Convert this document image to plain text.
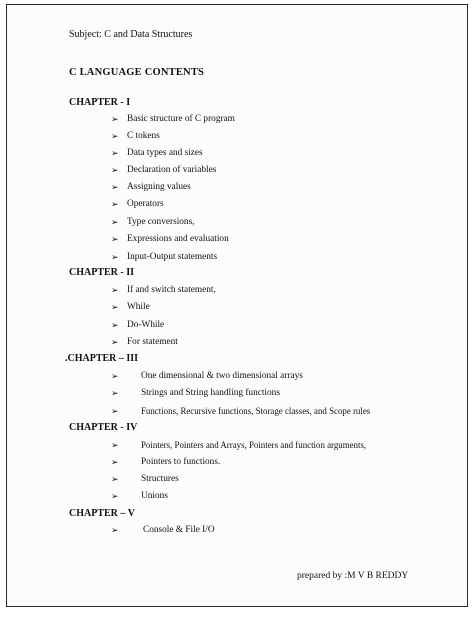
Subject: C and Data Structures
C LANGUAGE CONTENTS
CHAPTER - I
➢ Basic structure of C program
➢ C tokens
➢ Data types and sizes
➢ Declaration of variables
➢ Assigning values
➢ Operators
➢ Type conversions,
➢ Expressions and evaluation
➢ Input-Output statements
CHAPTER - II
➢ If and switch statement,
➢ While
➢ Do-While
➢ For statement
.CHAPTER – III
➢ One dimensional & two dimensional arrays
➢ Strings and String handling functions
➢	Functions, Recursive functions, Storage classes, and Scope rules
CHAPTER - IV
➢	Pointers, Pointers and Arrays, Pointers and function arguments,
➢ Pointers to functions.
➢ Structures
➢ Unions
CHAPTER – V
➢	Console & File I/O
prepared by :M V B REDDY
